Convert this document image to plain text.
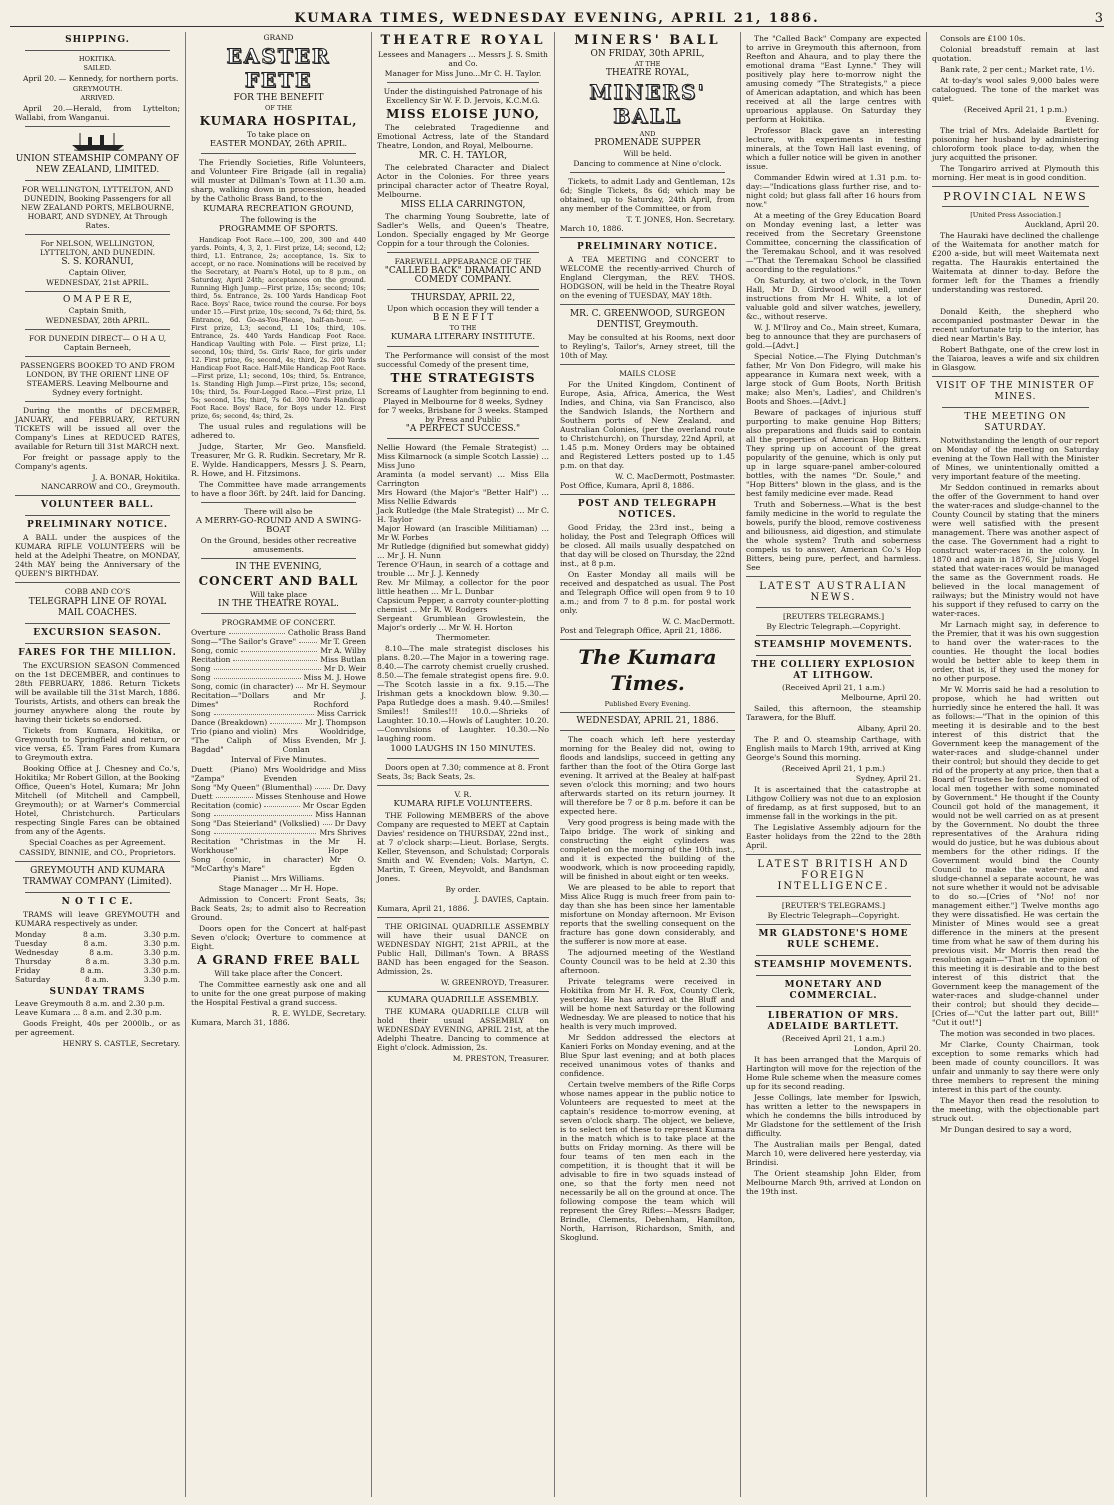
KUMARA TIMES, WEDNESDAY EVENING, APRIL 21, 1886.	3
SHIPPING.
HOKITIKA.
SAILED.

April 20. — Kennedy, for northern ports.

GREYMOUTH.
ARRIVED.

April 20.—Herald, from Lyttelton; Wallabi, from Wanganui.

UNION STEAMSHIP COMPANY OF NEW ZEALAND, LIMITED.
FOR WELLINGTON, LYTTELTON, AND DUNEDIN, Booking Passengers for all NEW ZEALAND PORTS, MELBOURNE, HOBART, AND SYDNEY, At Through Rates.
For NELSON, WELLINGTON, LYTTELTON, AND DUNEDIN.
S. S. KORANUI,
Captain Oliver,
WEDNESDAY, 21st APRIL.
O M A P E R E,
Captain Smith,
WEDNESDAY, 28th APRIL.
FOR DUNEDIN DIRECT— O H A U, Captain Berneeh,
PASSENGERS BOOKED TO AND FROM LONDON, BY THE ORIENT LINE OF STEAMERS. Leaving Melbourne and Sydney every fortnight.

During the months of DECEMBER, JANUARY, and FEBRUARY, RETURN TICKETS will be issued all over the Company's Lines at REDUCED RATES, available for Return till 31st MARCH next.

For freight or passage apply to the Company's agents.

J. A. BONAR, Hokitika.
NANCARROW and CO., Greymouth.
VOLUNTEER BALL.
PRELIMINARY NOTICE.

A BALL under the auspices of the KUMARA RIFLE VOLUNTEERS will be held at the Adelphi Theatre, on MONDAY, 24th MAY being the Anniversary of the QUEEN'S BIRTHDAY.

COBB AND CO'S
TELEGRAPH LINE OF ROYAL MAIL COACHES.
EXCURSION SEASON.
FARES FOR THE MILLION.

The EXCURSION SEASON Commenced on the 1st DECEMBER, and continues to 28th FEBRUARY, 1886. Return Tickets will be available till the 31st March, 1886. Tourists, Artists, and others can break the journey anywhere along the route by having their tickets so endorsed.

Tickets from Kumara, Hokitika, or Greymouth to Springfield and return, or vice versa, £5. Tram Fares from Kumara to Greymouth extra.

Booking Office at J. Chesney and Co.'s, Hokitika; Mr Robert Gillon, at the Booking Office, Queen's Hotel, Kumara; Mr John Mitchell (of Mitchell and Campbell, Greymouth); or at Warner's Commercial Hotel, Christchurch. Particulars respecting Single Fares can be obtained from any of the Agents.

Special Coaches as per Agreement.
CASSIDY, BINNIE, and CO., Proprietors.
GREYMOUTH AND KUMARA TRAMWAY COMPANY (Limited).
N O T I C E.

TRAMS will leave GREYMOUTH and KUMARA respectively as under.

Monday	8 a.m.	3.30 p.m.
Tuesday	8 a.m.	3.30 p.m.
Wednesday	8 a.m.	3.30 p.m.
Thursday	8 a.m.	3.30 p.m.
Friday	8 a.m.	3.30 p.m.
Saturday	8 a.m.	3.30 p.m.
SUNDAY TRAMS
Leave Greymouth 8 a.m. and 2.30 p.m.
Leave Kumara ... 8 a.m. and 2.30 p.m.

Goods Freight, 40s per 2000lb., or as per agreement.

HENRY S. CASTLE, Secretary.
GRAND
EASTER FETE
FOR THE BENEFIT
OF THE
KUMARA HOSPITAL,
To take place on
EASTER MONDAY, 26th APRIL.

The Friendly Societies, Rifle Volunteers, and Volunteer Fire Brigade (all in regalia) will muster at Dillman's Town at 11.30 a.m. sharp, walking down in procession, headed by the Catholic Brass Band, to the

KUMARA RECREATION GROUND,
The following is the
PROGRAMME OF SPORTS.

Handicap Foot Race.—100, 200, 300 and 440 yards. Points, 4, 3, 2, 1. First prize, L4; second, L2; third, L1. Entrance, 2s; acceptance, 1s. Six to accept, or no race. Nominations will be received by the Secretary, at Pearn's Hotel, up to 8 p.m., on Saturday, April 24th; acceptances on the ground. Running High Jump.—First prize, 15s; second; 10s; third, 5s. Entrance, 2s. 100 Yards Handicap Foot Race. Boys' Race, twice round the course. For boys under 15.—First prize, 10s; second, 7s 6d; third, 5s. Entrance, 6d. Go-as-You-Please, half-an-hour. — First prize, L3; second, L1 10s; third, 10s. Entrance, 2s. 440 Yards Handicap Foot Race. Handicap Vaulting with Pole. — First prize, L1; second, 10s; third, 5s. Girls' Race, for girls under 12. First prize, 6s; second, 4s; third, 2s. 200 Yards Handicap Foot Race. Half-Mile Handicap Foot Race.—First prize, L1; second, 10s; third, 5s. Entrance, 1s. Standing High Jump.—First prize, 15s; second, 10s; third, 5s. Four-Legged Race.—First prize, L1 5s; second, 15s; third, 7s 6d. 300 Yards Handicap Foot Race. Boys' Race, for Boys under 12. First prize, 6s; second, 4s; third, 2s.

The usual rules and regulations will be adhered to.

Judge, Starter, Mr Geo. Mansfield. Treasurer, Mr G. R. Rudkin. Secretary, Mr R. E. Wylde. Handicappers, Messrs J. S. Pearn, R. Howe, and H. Fitzsimons.

The Committee have made arrangements to have a floor 36ft. by 24ft. laid for Dancing.

There will also be
A MERRY-GO-ROUND AND A SWING-BOAT
On the Ground, besides other recreative amusements.
IN THE EVENING,
CONCERT AND BALL
Will take place
IN THE THEATRE ROYAL.
PROGRAMME OF CONCERT.
Overture	Catholic Brass Band
Song—"The Sailor's Grave"	Mr T. Green
Song, comic	Mr A. Wilby
Recitation	Miss Butlan
Song	Mr D. Weir
Song	Miss M. J. Howe
Song, comic (in character) Mr H. Seymour
Recitation—"Dollars and Dimes"
Mr J. Rochford
Song	Miss Carrick
Dance (Breakdown)	Mr J. Thompson
Trio (piano and violin) "The Caliph of Bagdad"
Mrs Wooldridge, Miss Evenden, Mr J. Conlan
Interval of Five Minutes.
Duett (Piano) "Zampa"
Mrs Wooldridge and Miss Evenden
Song "My Queen" (Blumenthal)	Dr. Davy
Duett	Misses Stenhouse and Howe
Recitation (comic)	Mr Oscar Egden
Song	Miss Hannan
Song "Das Steierland" (Volkslied) Dr Davy
Song	Mrs Shrives
Recitation "Christmas in the Workhouse"
Mr H. Hope
Song (comic, in character) "McCarthy's Mare"
Mr O. Egden
Pianist ... Mrs Williams.
Stage Manager ... Mr H. Hope.

Admission to Concert: Front Seats, 3s; Back Seats, 2s; to admit also to Recreation Ground.

Doors open for the Concert at half-past Seven o'clock; Overture to commence at Eight.

A GRAND FREE BALL
Will take place after the Concert.

The Committee earnestly ask one and all to unite for the one great purpose of making the Hospital Festival a grand success.

R. E. WYLDE, Secretary.
Kumara, March 31, 1886.
THEATRE ROYAL
Lessees and Managers ... Messrs J. S. Smith and Co.
Manager for Miss Juno...Mr C. H. Taylor.
Under the distinguished Patronage of his Excellency Sir W. F. D. Jervois, K.C.M.G.
MISS ELOISE JUNO,

The celebrated Tragedienne and Emotional Actress, late of the Standard Theatre, London, and Royal, Melbourne.

MR. C. H. TAYLOR,

The celebrated Character and Dialect Actor in the Colonies. For three years principal character actor of Theatre Royal, Melbourne.

MISS ELLA CARRINGTON,

The charming Young Soubrette, late of Sadler's Wells, and Queen's Theatre, London. Specially engaged by Mr George Coppin for a tour through the Colonies.

FAREWELL APPEARANCE OF THE
"CALLED BACK" DRAMATIC AND COMEDY COMPANY.
THURSDAY, APRIL 22,
Upon which occasion they will tender a
B E N E F I T
TO THE
KUMARA LITERARY INSTITUTE.

The Performance will consist of the most successful Comedy of the present time,

THE STRATEGISTS
Screams of Laughter from beginning to end.
Played in Melbourne for 8 weeks, Sydney for 7 weeks, Brisbane for 3 weeks. Stamped by Press and Public
"A PERFECT SUCCESS."
Nellie Howard (the Female Strategist) ... Miss Kilmarnock (a simple Scotch Lassie) … Miss Juno
Araminta (a model servant) … Miss Ella Carrington
Mrs Howard (the Major's "Better Half") … Miss Nellie Edwards
Jack Rutledge (the Male Strategist) … Mr C. H. Taylor
Major Howard (an Irascible Militiaman) … Mr W. Forbes
Mr Rutledge (dignified but somewhat giddy) … Mr J. H. Nunn
Terence O'Haun, in search of a cottage and trouble … Mr J. J. Kennedy
Rev. Mr Milmay, a collector for the poor little heathen … Mr L. Dunbar
Capsicum Pepper, a carroty counter-plotting chemist … Mr R. W. Rodgers
Sergeant Grumblean Growlestein, the Major's orderly … Mr W. H. Horton
Thermometer.

8.10—The male strategist discloses his plans. 8.20.—The Major in a towering rage. 8.40.—The carroty chemist cruelly crushed. 8.50.—The female strategist opens fire. 9.0.—The Scotch lassie in a fix. 9.15.—The Irishman gets a knockdown blow. 9.30.—Papa Rutledge does a mash. 9.40.—Smiles! Smiles!! Smiles!!! 10.0.—Shrieks of Laughter. 10.10.—Howls of Laughter. 10.20.—Convulsions of Laughter. 10.30.—No laughing room.

1000 LAUGHS IN 150 MINUTES.

Doors open at 7.30; commence at 8. Front Seats, 3s; Back Seats, 2s.

V. R.
KUMARA RIFLE VOLUNTEERS.

THE Following MEMBERS of the above Company are requested to MEET at Captain Davies' residence on THURSDAY, 22nd inst., at 7 o'clock sharp:—Lieut. Borlase, Sergts. Keller, Stevenson, and Schulstad; Corporals Smith and W. Evenden; Vols. Martyn, C. Martin, T. Green, Meyvoldt, and Bandsman Jones.

By order.
J. DAVIES, Captain.
Kumara, April 21, 1886.

THE ORIGINAL QUADRILLE ASSEMBLY will have their usual DANCE on WEDNESDAY NIGHT, 21st APRIL, at the Public Hall, Dillman's Town. A BRASS BAND has been engaged for the Season. Admission, 2s.

W. GREENROYD, Treasurer.
KUMARA QUADRILLE ASSEMBLY.

THE KUMARA QUADRILLE CLUB will hold their usual ASSEMBLY on WEDNESDAY EVENING, APRIL 21st, at the Adelphi Theatre. Dancing to commence at Eight o'clock. Admission, 2s.

M. PRESTON, Treasurer.
MINERS' BALL
ON FRIDAY, 30th APRIL,
AT THE
THEATRE ROYAL,
MINERS' BALL
AND
PROMENADE SUPPER
Will be held.
Dancing to commence at Nine o'clock.

Tickets, to admit Lady and Gentleman, 12s 6d; Single Tickets, 8s 6d; which may be obtained, up to Saturday, 24th April, from any member of the Committee, or from

T. T. JONES, Hon. Secretary.
March 10, 1886.
PRELIMINARY NOTICE.

A TEA MEETING and CONCERT to WELCOME the recently-arrived Church of England Clergyman, the REV. THOS. HODGSON, will be held in the Theatre Royal on the evening of TUESDAY, MAY 18th.

MR. C. GREENWOOD, SURGEON DENTIST, Greymouth.

May be consulted at his Rooms, next door to Reyling's, Tailor's, Arney street, till the 10th of May.

MAILS CLOSE

For the United Kingdom, Continent of Europe, Asia, Africa, America, the West Indies, and China, via San Francisco, also the Sandwich Islands, the Northern and Southern ports of New Zealand, and Australian Colonies, (per the overland route to Christchurch), on Thursday, 22nd April, at 1.45 p.m. Money Orders may be obtained and Registered Letters posted up to 1.45 p.m. on that day.

W. C. MacDermott, Postmaster.
Post Office, Kumara, April 8, 1886.
POST AND TELEGRAPH NOTICES.

Good Friday, the 23rd inst., being a holiday, the Post and Telegraph Offices will be closed. All mails usually despatched on that day will be closed on Thursday, the 22nd inst., at 8 p.m.

On Easter Monday all mails will be received and despatched as usual. The Post and Telegraph Office will open from 9 to 10 a.m.; and from 7 to 8 p.m. for postal work only.

W. C. MacDermott.
Post and Telegraph Office, April 21, 1886.
The Kumara Times.
Published Every Evening.
WEDNESDAY, APRIL 21, 1886.

The coach which left here yesterday morning for the Bealey did not, owing to floods and landslips, succeed in getting any farther than the foot of the Otira Gorge last evening. It arrived at the Bealey at half-past seven o'clock this morning; and two hours afterwards started on its return journey. It will therefore be 7 or 8 p.m. before it can be expected here.

Very good progress is being made with the Taipo bridge. The work of sinking and constructing the eight cylinders was completed on the morning of the 10th inst., and it is expected the building of the woodwork, which is now proceeding rapidly, will be finished in about eight or ten weeks.

We are pleased to be able to report that Miss Alice Rugg is much freer from pain to-day than she has been since her lamentable misfortune on Monday afternoon. Mr Evison reports that the swelling consequent on the fracture has gone down considerably, and the sufferer is now more at ease.

The adjourned meeting of the Westland County Council was to be held at 2.30 this afternoon.

Private telegrams were received in Hokitika from Mr H. R. Fox, County Clerk, yesterday. He has arrived at the Bluff and will be home next Saturday or the following Wednesday. We are pleased to notice that his health is very much improved.

Mr Seddon addressed the electors at Kanieri Forks on Monday evening, and at the Blue Spur last evening; and at both places received unanimous votes of thanks and confidence.

Certain twelve members of the Rifle Corps whose names appear in the public notice to Volunteers are requested to meet at the captain's residence to-morrow evening, at seven o'clock sharp. The object, we believe, is to select ten of these to represent Kumara in the match which is to take place at the butts on Friday morning. As there will be four teams of ten men each in the competition, it is thought that it will be advisable to fire in two squads instead of one, so that the forty men need not necessarily be all on the ground at once. The following compose the team which will represent the Grey Rifles:—Messrs Badger, Brindle, Clements, Debenham, Hamilton, North, Harrison, Richardson, Smith, and Skoglund.

The "Called Back" Company are expected to arrive in Greymouth this afternoon, from Reefton and Ahaura, and to play there the emotional drama "East Lynne." They will positively play here to-morrow night the amusing comedy "The Strategists," a piece of American adaptation, and which has been received at all the large centres with uproarious applause. On Saturday they perform at Hokitika.

Professor Black gave an interesting lecture, with experiments in testing minerals, at the Town Hall last evening, of which a fuller notice will be given in another issue.

Commander Edwin wired at 1.31 p.m. to-day:—"Indications glass further rise, and to-night cold; but glass fall after 16 hours from now."

At a meeting of the Grey Education Board on Monday evening last, a letter was received from the Secretary Greenstone Committee, concerning the classification of the Teremakau School, and it was resolved—"That the Teremakau School be classified according to the regulations."

On Saturday, at two o'clock, in the Town Hall, Mr D. Girdwood will sell, under instructions from Mr H. White, a lot of valuable gold and silver watches, jewellery, &c., without reserve.

W. J. M'Ilroy and Co., Main street, Kumara, beg to announce that they are purchasers of gold.—[Advt.]

Special Notice.—The Flying Dutchman's father, Mr Von Don Fidegro, will make his appearance in Kumara next week, with a large stock of Gum Boots, North British make; also Men's, Ladies', and Children's Boots and Shoes.—[Advt.]

Beware of packages of injurious stuff purporting to make genuine Hop Bitters; also preparations and fluids said to contain all the properties of American Hop Bitters. They spring up on account of the great popularity of the genuine, which is only put up in large square-panel amber-coloured bottles, with the names "Dr. Soule," and "Hop Bitters" blown in the glass, and is the best family medicine ever made. Read

Truth and Soberness.—What is the best family medicine in the world to regulate the bowels, purify the blood, remove costiveness and biliousness, aid digestion, and stimulate the whole system? Truth and soberness compels us to answer, American Co.'s Hop Bitters, being pure, perfect, and harmless. See

LATEST AUSTRALIAN NEWS.
[REUTERS TELEGRAMS.]
By Electric Telegraph.—Copyright.
STEAMSHIP MOVEMENTS.
THE COLLIERY EXPLOSION AT LITHGOW.
(Received April 21, 1 a.m.)
Melbourne, April 20.

Sailed, this afternoon, the steamship Tarawera, for the Bluff.

Albany, April 20.

The P. and O. steamship Carthage, with English mails to March 19th, arrived at King George's Sound this morning.

(Received April 21, 1 p.m.)
Sydney, April 21.

It is ascertained that the catastrophe at Lithgow Colliery was not due to an explosion of firedamp, as at first supposed, but to an immense fall in the workings in the pit.

The Legislative Assembly adjourn for the Easter holidays from the 22nd to the 28th April.

LATEST BRITISH AND FOREIGN INTELLIGENCE.
[REUTER'S TELEGRAMS.]
By Electric Telegraph—Copyright.
MR GLADSTONE'S HOME RULE SCHEME.
STEAMSHIP MOVEMENTS.
MONETARY AND COMMERCIAL.
LIBERATION OF MRS. ADELAIDE BARTLETT.
(Received April 21, 1 a.m.)
London, April 20.

It has been arranged that the Marquis of Hartington will move for the rejection of the Home Rule scheme when the measure comes up for its second reading.

Jesse Collings, late member for Ipswich, has written a letter to the newspapers in which he condemns the bills introduced by Mr Gladstone for the settlement of the Irish difficulty.

The Australian mails per Bengal, dated March 10, were delivered here yesterday, via Brindisi.

The Orient steamship John Elder, from Melbourne March 9th, arrived at London on the 19th inst.

Consols are £100 10s.

Colonial breadstuff remain at last quotation.

Bank rate, 2 per cent.; Market rate, 1½.

At to-day's wool sales 9,000 bales were catalogued. The tone of the market was quiet.

(Received April 21, 1 p.m.)
Evening.

The trial of Mrs. Adelaide Bartlett for poisoning her husband by administering chloroform took place to-day, when the jury acquitted the prisoner.

The Tongariro arrived at Plymouth this morning. Her meat is in good condition.

PROVINCIAL NEWS
[United Press Association.]
Auckland, April 20.

The Hauraki have declined the challenge of the Waitemata for another match for £200 a-side, but will meet Waitemata next regatta. The Haurakis entertained the Waitemata at dinner to-day. Before the former left for the Thames a friendly understanding was restored.

Dunedin, April 20.

Donald Keith, the shepherd who accompanied postmaster Dewar in the recent unfortunate trip to the interior, has died near Martin's Bay.

Robert Bathgate, one of the crew lost in the Taiaroa, leaves a wife and six children in Glasgow.

VISIT OF THE MINISTER OF MINES.
THE MEETING ON SATURDAY.

Notwithstanding the length of our report on Monday of the meeting on Saturday evening at the Town Hall with the Minister of Mines, we unintentionally omitted a very important feature of the meeting.

Mr Seddon continued in remarks about the offer of the Government to hand over the water-races and sludge-channel to the County Council by stating that the miners were well satisfied with the present management. There was another aspect of the case. The Government had a right to construct water-races in the colony. In 1870 and again in 1876, Sir Julius Vogel stated that water-races would be managed the same as the Government roads. He believed in the local management of railways; but the Ministry would not have his support if they refused to carry on the water-races.

Mr Larnach might say, in deference to the Premier, that it was his own suggestion to hand over the water-races to the counties. He thought the local bodies would be better able to keep them in order, that is, if they used the money for no other purpose.

Mr W. Morris said he had a resolution to propose, which he had written out hurriedly since he entered the hall. It was as follows:—"That in the opinion of this meeting it is desirable and to the best interest of this district that the Government keep the management of the water-races and sludge-channel under their control; but should they decide to get rid of the property at any price, then that a Board of Trustees be formed, composed of local men together with some nominated by Government." He thought if the County Council got hold of the management, it would not be well carried on as at present by the Government. No doubt the three representatives of the Arahura riding would do justice, but he was dubious about members for the other ridings. If the Government would bind the County Council to make the water-race and sludge-channel a separate account, he was not sure whether it would not be advisable to do so.—[Cries of "No! no! nor management either."] Twelve months ago they were dissatisfied. He was certain the Minister of Mines would see a great difference in the miners at the present time from what he saw of them during his previous visit. Mr Morris then read the resolution again—"That in the opinion of this meeting it is desirable and to the best interest of this district that the Government keep the management of the water-races and sludge-channel under their control; but should they decide—[Cries of—"Cut the latter part out, Bill!" "Cut it out!"]

The motion was seconded in two places.

Mr Clarke, County Chairman, took exception to some remarks which had been made of county councillors. It was unfair and unmanly to say there were only three members to represent the mining interest in this part of the county.

The Mayor then read the resolution to the meeting, with the objectionable part struck out.

Mr Dungan desired to say a word,
